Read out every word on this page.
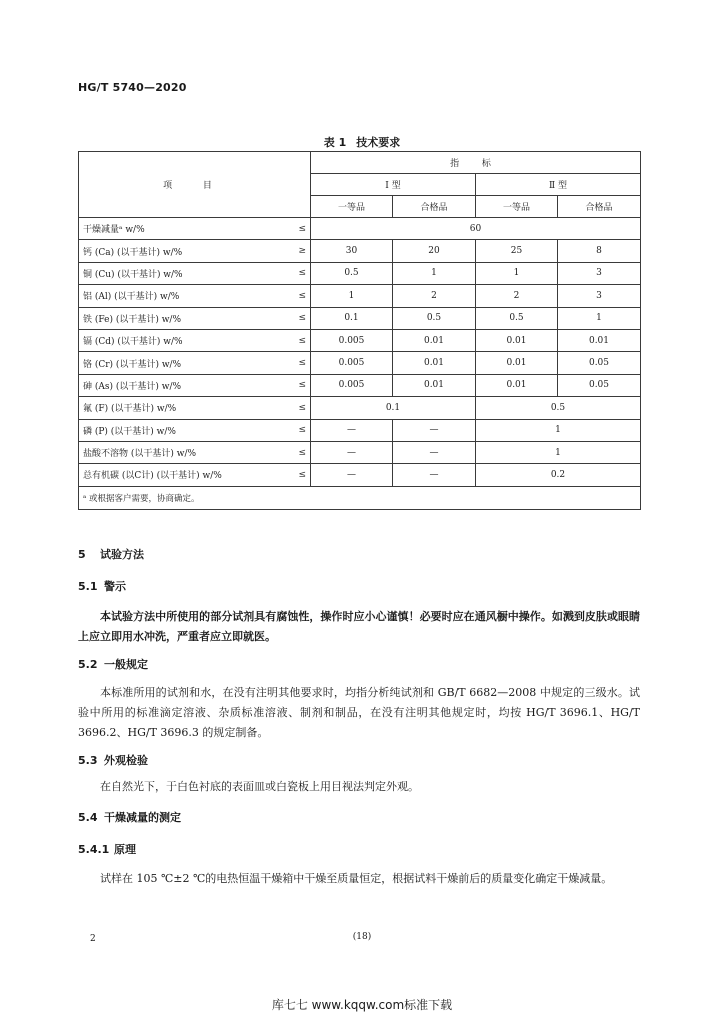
HG/T 5740—2020
表 1 技术要求
项 目		指 标			
		Ⅰ 型		Ⅱ 型	
		一等品	合格品	一等品	合格品
干燥减量ᵃ w/%	≤	60			
钙 (Ca) (以干基计) w/%	≥	30	20	25	8
铜 (Cu) (以干基计) w/%	≤	0.5	1	1	3
铝 (Al) (以干基计) w/%	≤	1	2	2	3
铁 (Fe) (以干基计) w/%	≤	0.1	0.5	0.5	1
镉 (Cd) (以干基计) w/%	≤	0.005	0.01	0.01	0.01
铬 (Cr) (以干基计) w/%	≤	0.005	0.01	0.01	0.05
砷 (As) (以干基计) w/%	≤	0.005	0.01	0.01	0.05
氟 (F) (以干基计) w/%	≤	0.1		0.5	
磷 (P) (以干基计) w/%	≤	—	—	1	
盐酸不溶物 (以干基计) w/%	≤	—	—	1	
总有机碳 (以C计) (以干基计) w/%	≤	—	—	0.2	
ᵃ 或根据客户需要，协商确定。					
5 试验方法
5.1 警示
本试验方法中所使用的部分试剂具有腐蚀性，操作时应小心谨慎！必要时应在通风橱中操作。如溅到皮肤或眼睛上应立即用水冲洗，严重者应立即就医。
5.2 一般规定
本标准所用的试剂和水，在没有注明其他要求时，均指分析纯试剂和 GB/T 6682—2008 中规定的三级水。试验中所用的标准滴定溶液、杂质标准溶液、制剂和制品，在没有注明其他规定时，均按 HG/T 3696.1、HG/T 3696.2、HG/T 3696.3 的规定制备。
5.3 外观检验
在自然光下，于白色衬底的表面皿或白瓷板上用目视法判定外观。
5.4 干燥减量的测定
5.4.1 原理
试样在 105 ℃±2 ℃的电热恒温干燥箱中干燥至质量恒定，根据试料干燥前后的质量变化确定干燥减量。
2	(18)
库七七 www.kqqw.com标准下载
